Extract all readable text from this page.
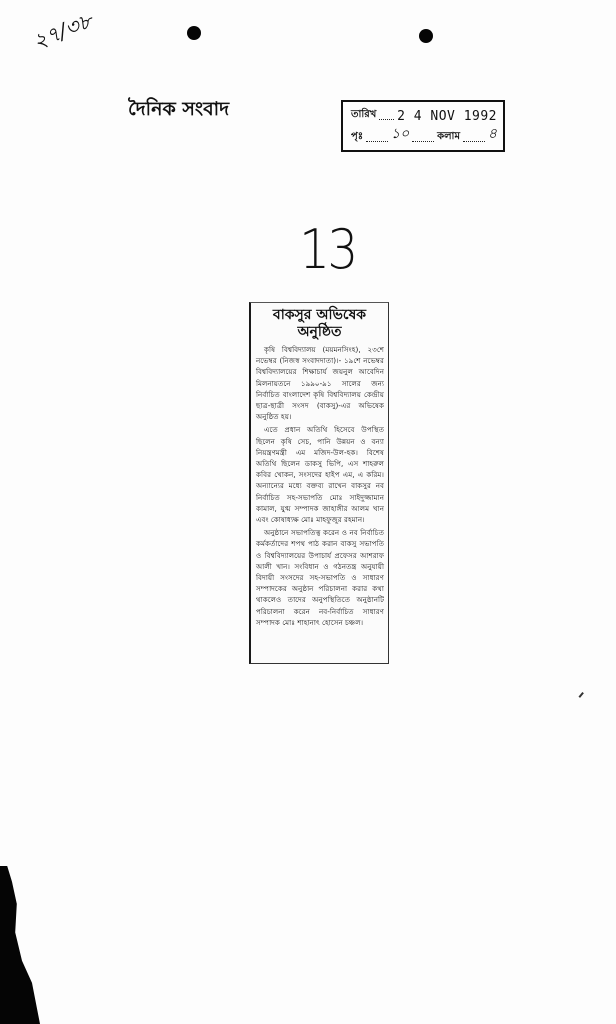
২৭/৩৮
দৈনিক সংবাদ	তারিখ 2 4 NOV 1992
পৃঃ ১০	কলাম ৪
13
বাকসুর অভিষেক অনুষ্ঠিত

কৃষি বিশ্ববিদ্যালয় (ময়মনসিংহ), ২৩শে নভেম্বর (নিজস্ব সংবাদদাতা)।- ১৯শে নভেম্বর বিশ্ববিদ্যালয়ের শিক্ষাচার্য জয়নুল আবেদিন মিলনায়তনে ১৯৯০-৯১ সালের জন্য নির্বাচিত বাংলাদেশ কৃষি বিশ্ববিদ্যালয় কেন্দ্রীয় ছাত্র-ছাত্রী সংসদ (বাকসু)-এর অভিষেক অনুষ্ঠিত হয়।

এতে প্রধান অতিথি হিসেবে উপস্থিত ছিলেন কৃষি সেচ, পানি উন্নয়ন ও বন্যা নিয়ন্ত্রণমন্ত্রী এম মজিদ-উল-হক। বিশেষ অতিথি ছিলেন ডাকসু ভিপি, এস শাহরুল কবির খোকন, সংসদের হাইপ এম, এ করিম। অন্যান্যের মধ্যে বক্তব্য রাখেন বাকসুর নব নির্বাচিত সহ-সভাপতি মোঃ সাইদুজ্জামান কামাল, যুগ্ম সম্পাদক জাহাঙ্গীর আলম খান এবং কোষাধ্যক্ষ মোঃ মাহফুজুর রহমান।

অনুষ্ঠানে সভাপতিত্ব করেন ও নব নির্বাচিত কর্মকর্তাদের শপথ পাঠ করান বাকসু সভাপতি ও বিশ্ববিদ্যালয়ের উপাচার্য প্রফেসর আশরাফ আলী খান। সংবিধান ও গঠনতন্ত্র অনুযায়ী বিদায়ী সংসদের সহ-সভাপতি ও সাধারণ সম্পাদকের অনুষ্ঠান পরিচালনা করার কথা থাকলেও তাদের অনুপস্থিতিতে অনুষ্ঠানটি পরিচালনা করেন নব-নির্বাচিত সাধারণ সম্পাদক মোঃ শাহানাৎ হোসেন চঞ্চল।
